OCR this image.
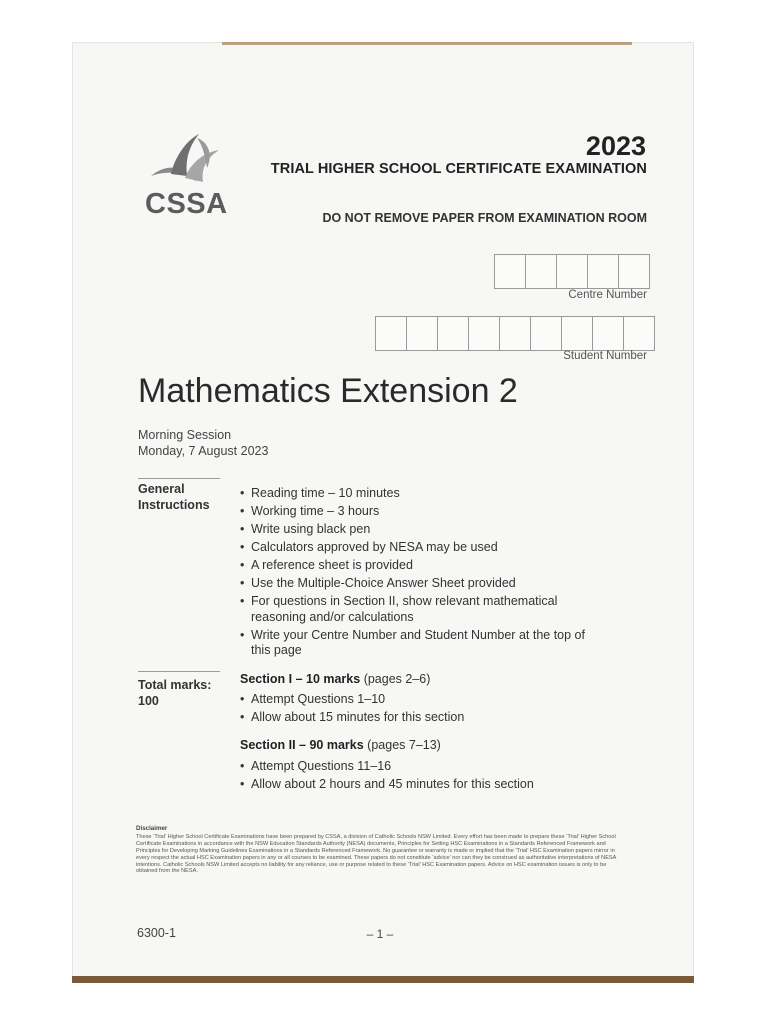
CSSA
2023
TRIAL HIGHER SCHOOL CERTIFICATE EXAMINATION
DO NOT REMOVE PAPER FROM EXAMINATION ROOM
Centre Number
Student Number
Mathematics Extension 2
Morning Session
Monday, 7 August 2023
General
Instructions
• Reading time – 10 minutes
• Working time – 3 hours
• Write using black pen
• Calculators approved by NESA may be used
• A reference sheet is provided
• Use the Multiple-Choice Answer Sheet provided
• For questions in Section II, show relevant mathematical reasoning and/or calculations
• Write your Centre Number and Student Number at the top of this page
Total marks:
100
Section I – 10 marks (pages 2–6)
• Attempt Questions 1–10
• Allow about 15 minutes for this section
Section II – 90 marks (pages 7–13)
• Attempt Questions 11–16
• Allow about 2 hours and 45 minutes for this section
Disclaimer
These ‘Trial’ Higher School Certificate Examinations have been prepared by CSSA, a division of Catholic Schools NSW Limited. Every effort has been made to prepare these ‘Trial’ Higher School Certificate Examinations in accordance with the NSW Education Standards Authority (NESA) documents, Principles for Setting HSC Examinations in a Standards Referenced Framework and Principles for Developing Marking Guidelines Examinations in a Standards Referenced Framework. No guarantee or warranty is made or implied that the ‘Trial’ HSC Examination papers mirror in every respect the actual HSC Examination papers in any or all courses to be examined. These papers do not constitute ‘advice’ nor can they be construed as authoritative interpretations of NESA intentions. Catholic Schools NSW Limited accepts no liability for any reliance, use or purpose related to these ‘Trial’ HSC Examination papers. Advice on HSC examination issues is only to be obtained from the NESA.
6300-1	– 1 –
